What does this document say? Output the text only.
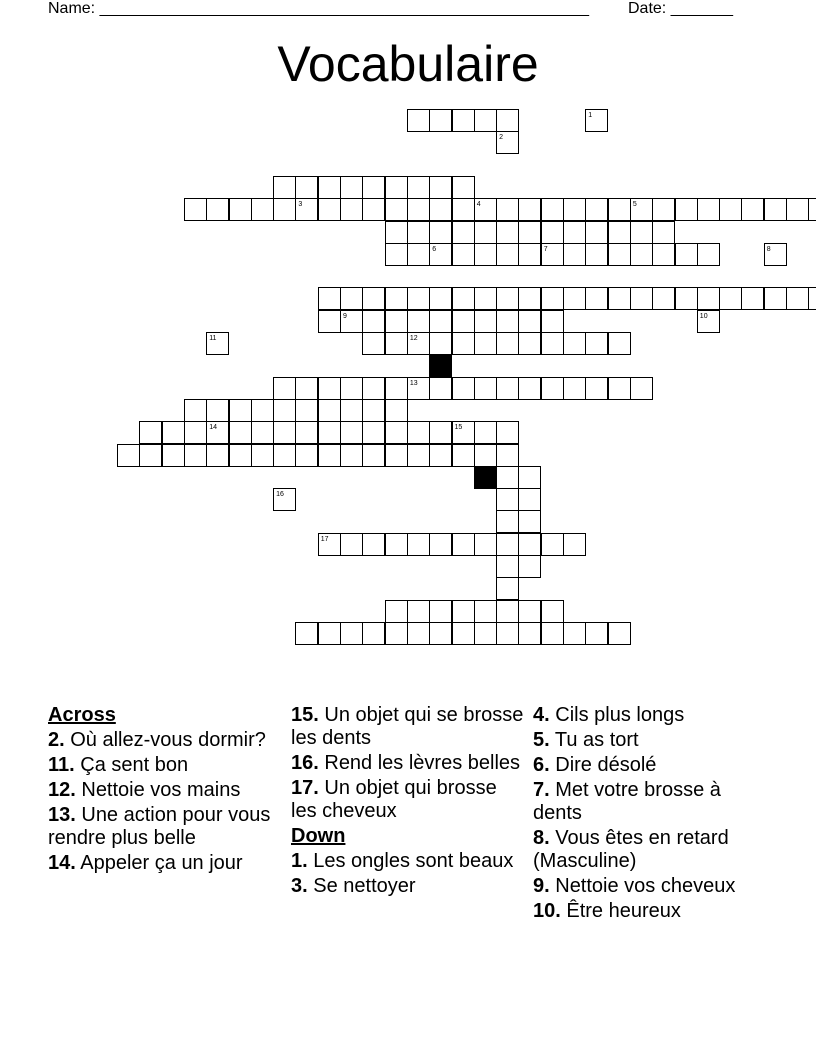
Name: _______________________________________________________ Date: _______
Vocabulaire
6	7
9
13
14	15
3	4	5
12
17
1
2
8
10
11
16
Across
2. Où allez-vous dormir?
11. Ça sent bon
12. Nettoie vos mains
13. Une action pour vous rendre plus belle
14. Appeler ça un jour
15. Un objet qui se brosse les dents
16. Rend les lèvres belles
17. Un objet qui brosse les cheveux
Down
1. Les ongles sont beaux
3. Se nettoyer
4. Cils plus longs
5. Tu as tort
6. Dire désolé
7. Met votre brosse à dents
8. Vous êtes en retard (Masculine)
9. Nettoie vos cheveux
10. Être heureux
